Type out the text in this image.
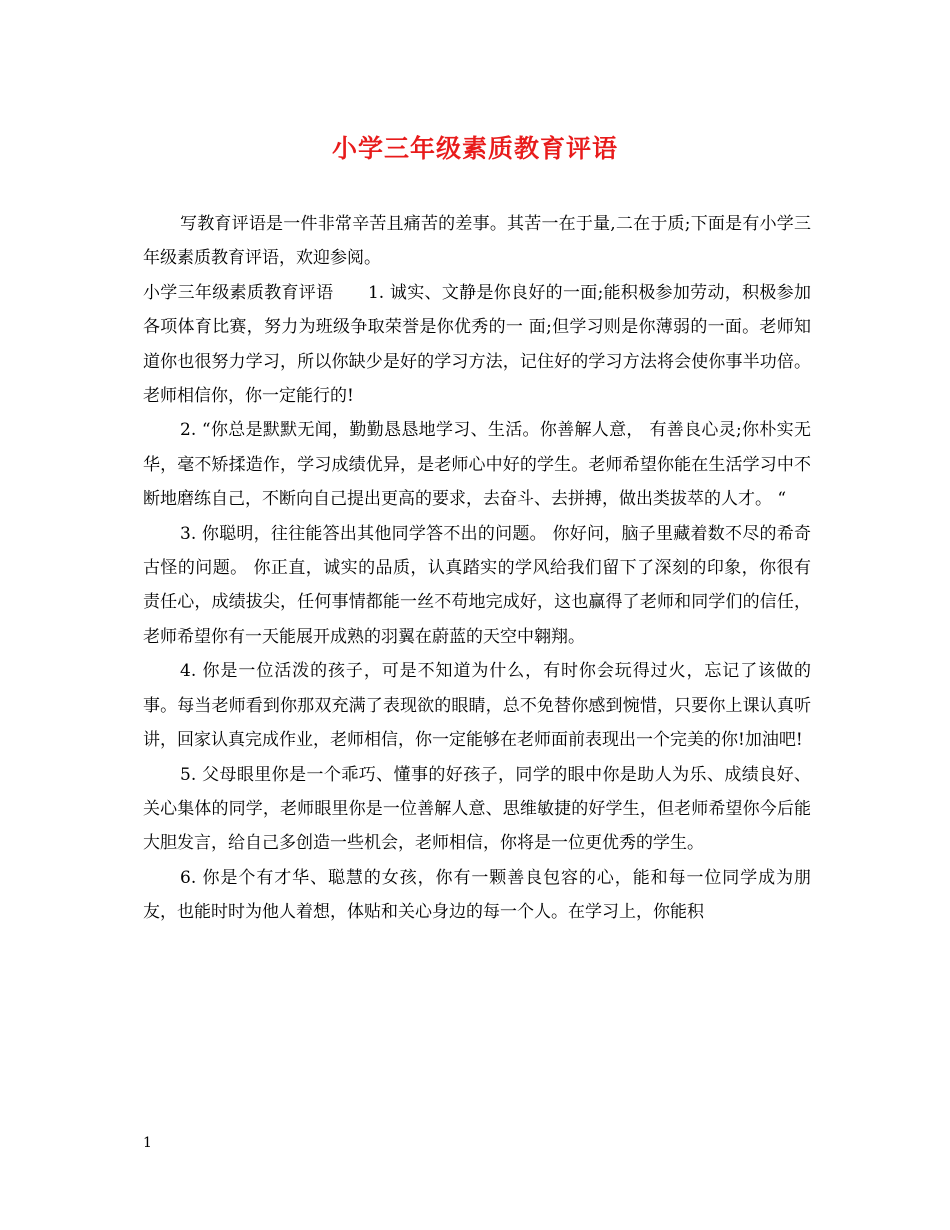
小学三年级素质教育评语

写教育评语是一件非常辛苦且痛苦的差事。其苦一在于量,二在于质;下面是有小学三年级素质教育评语，欢迎参阅。

小学三年级素质教育评语　　1. 诚实、文静是你良好的一面;能积极参加劳动，积极参加各项体育比赛，努力为班级争取荣誉是你优秀的一 面;但学习则是你薄弱的一面。老师知道你也很努力学习，所以你缺少是好的学习方法，记住好的学习方法将会使你事半功倍。老师相信你，你一定能行的!

2. “你总是默默无闻，勤勤恳恳地学习、生活。你善解人意， 有善良心灵;你朴实无华，毫不矫揉造作，学习成绩优异，是老师心中好的学生。老师希望你能在生活学习中不断地磨练自己，不断向自己提出更高的要求，去奋斗、去拼搏，做出类拔萃的人才。 “

3. 你聪明，往往能答出其他同学答不出的问题。 你好问，脑子里藏着数不尽的希奇古怪的问题。 你正直，诚实的品质，认真踏实的学风给我们留下了深刻的印象，你很有责任心，成绩拔尖，任何事情都能一丝不苟地完成好，这也赢得了老师和同学们的信任，老师希望你有一天能展开成熟的羽翼在蔚蓝的天空中翱翔。

4. 你是一位活泼的孩子，可是不知道为什么，有时你会玩得过火，忘记了该做的事。每当老师看到你那双充满了表现欲的眼睛，总不免替你感到惋惜，只要你上课认真听讲，回家认真完成作业，老师相信，你一定能够在老师面前表现出一个完美的你!加油吧!

5. 父母眼里你是一个乖巧、懂事的好孩子，同学的眼中你是助人为乐、成绩良好、关心集体的同学，老师眼里你是一位善解人意、思维敏捷的好学生，但老师希望你今后能大胆发言，给自己多创造一些机会，老师相信，你将是一位更优秀的学生。

6. 你是个有才华、聪慧的女孩，你有一颗善良包容的心，能和每一位同学成为朋友，也能时时为他人着想，体贴和关心身边的每一个人。在学习上，你能积

1
